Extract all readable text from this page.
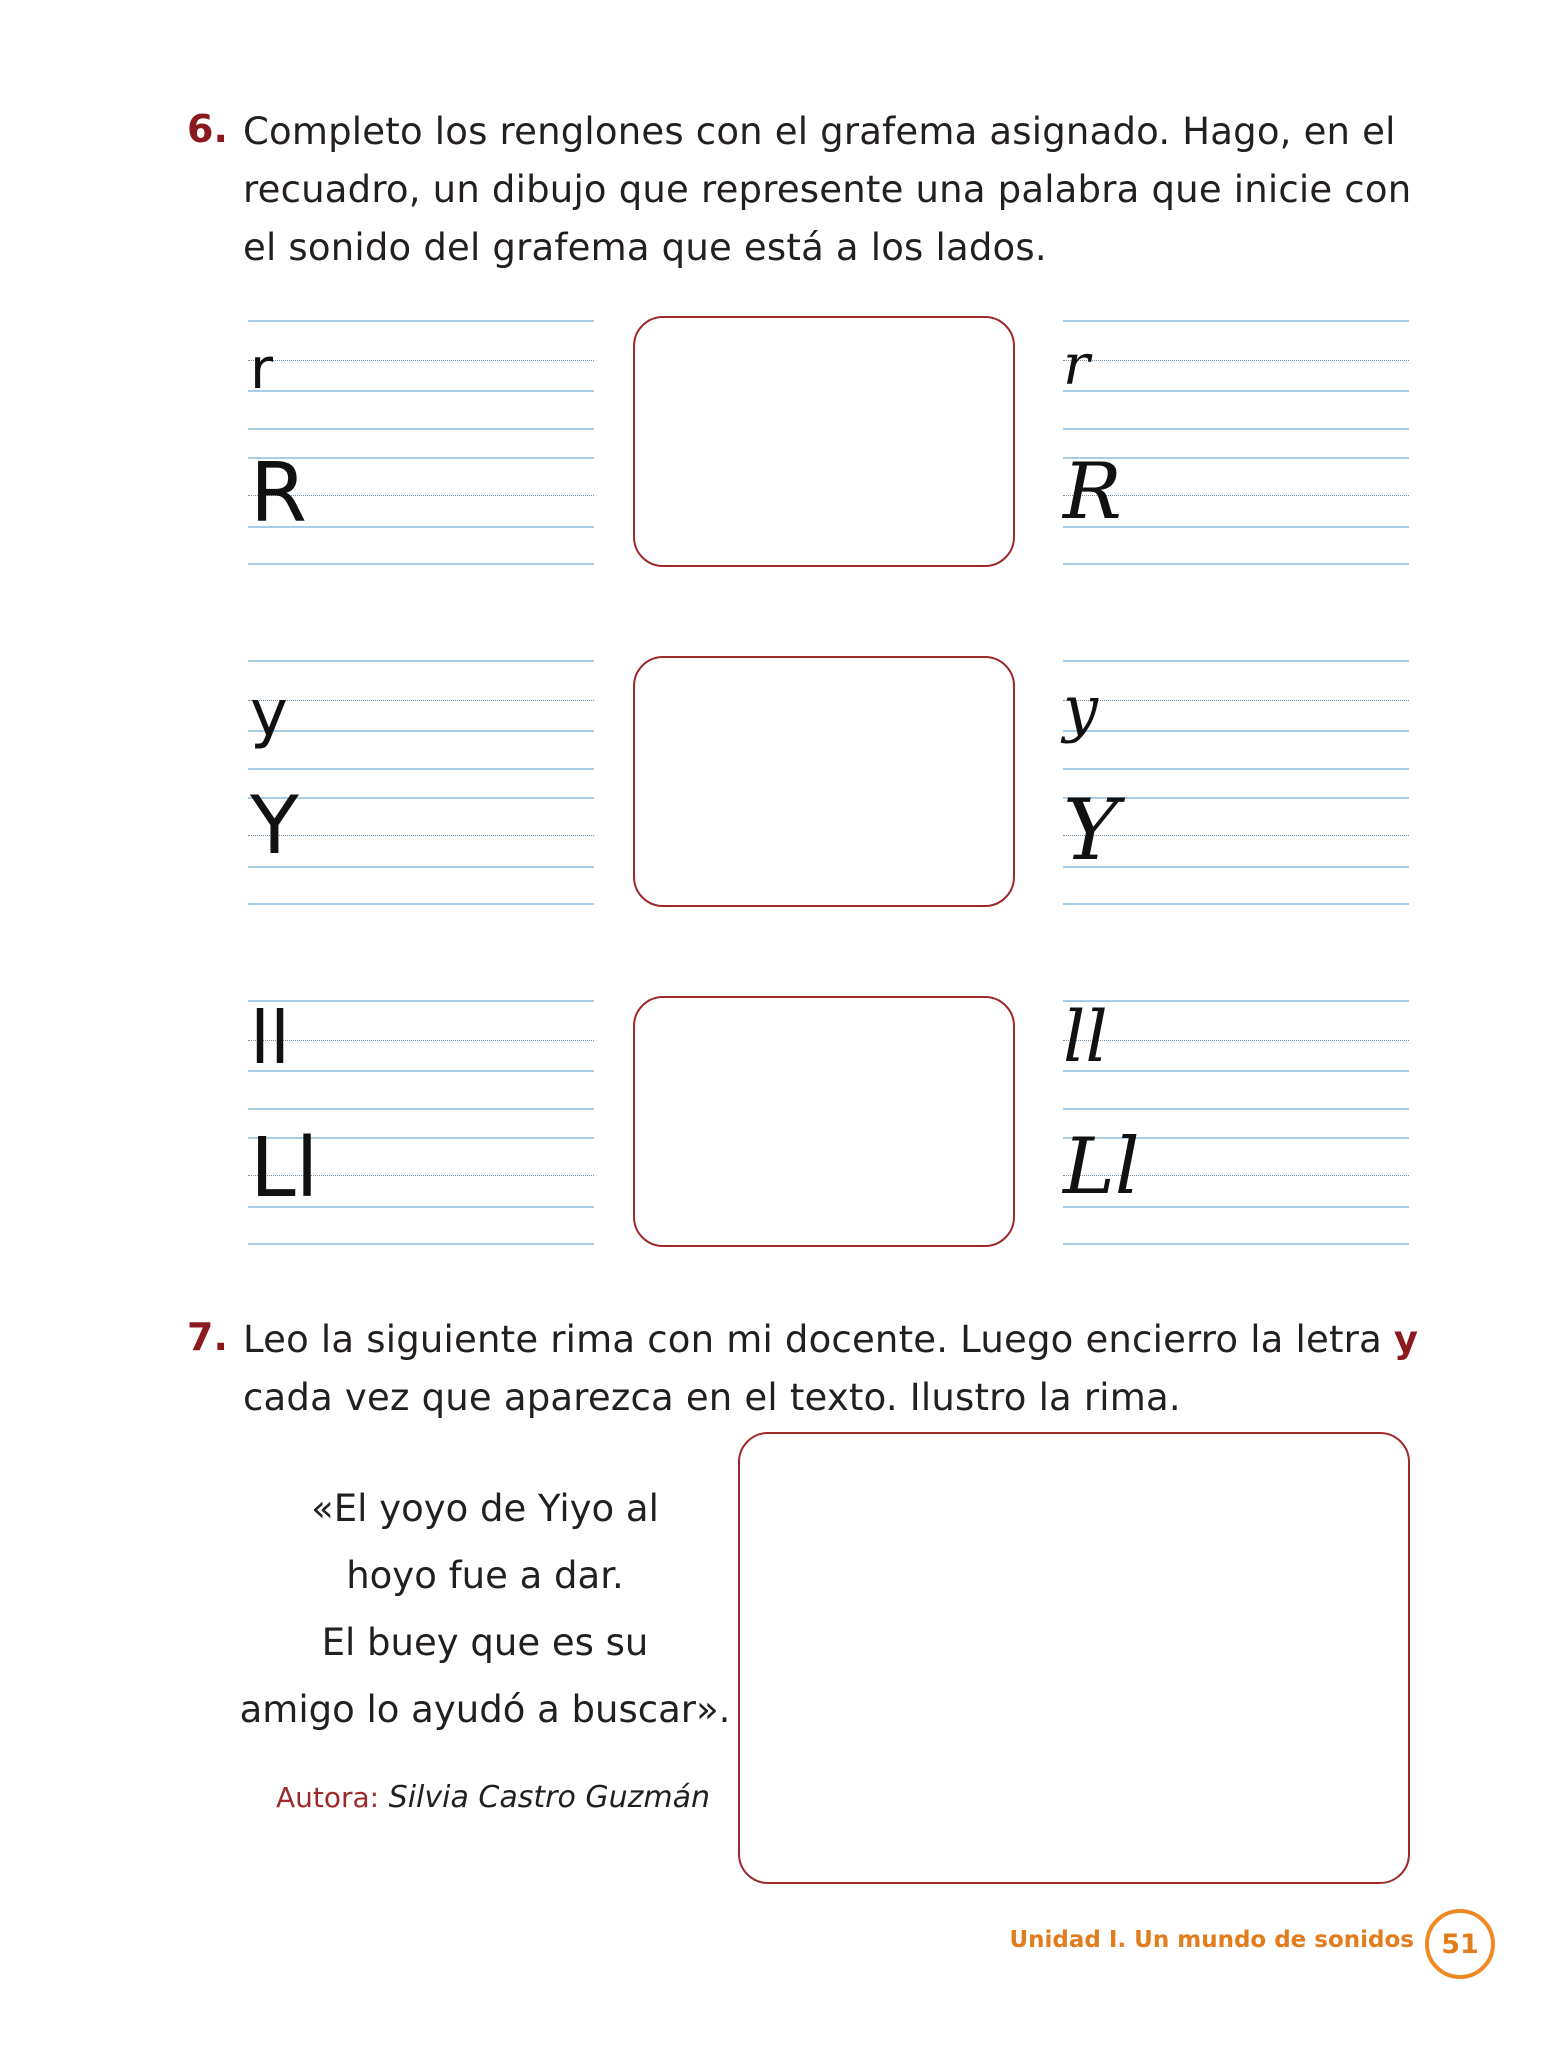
6. Completo los renglones con el grafema asignado. Hago, en el recuadro, un dibujo que represente una palabra que inicie con el sonido del grafema que está a los lados.
r
R
r
R
y
Y
y
Y
ll
Ll
ll
Ll
7. Leo la siguiente rima con mi docente. Luego encierro la letra y cada vez que aparezca en el texto. Ilustro la rima.
«El yoyo de Yiyo al
hoyo fue a dar.
El buey que es su
amigo lo ayudó a buscar».
Autora: Silvia Castro Guzmán
Unidad I. Un mundo de sonidos	51
